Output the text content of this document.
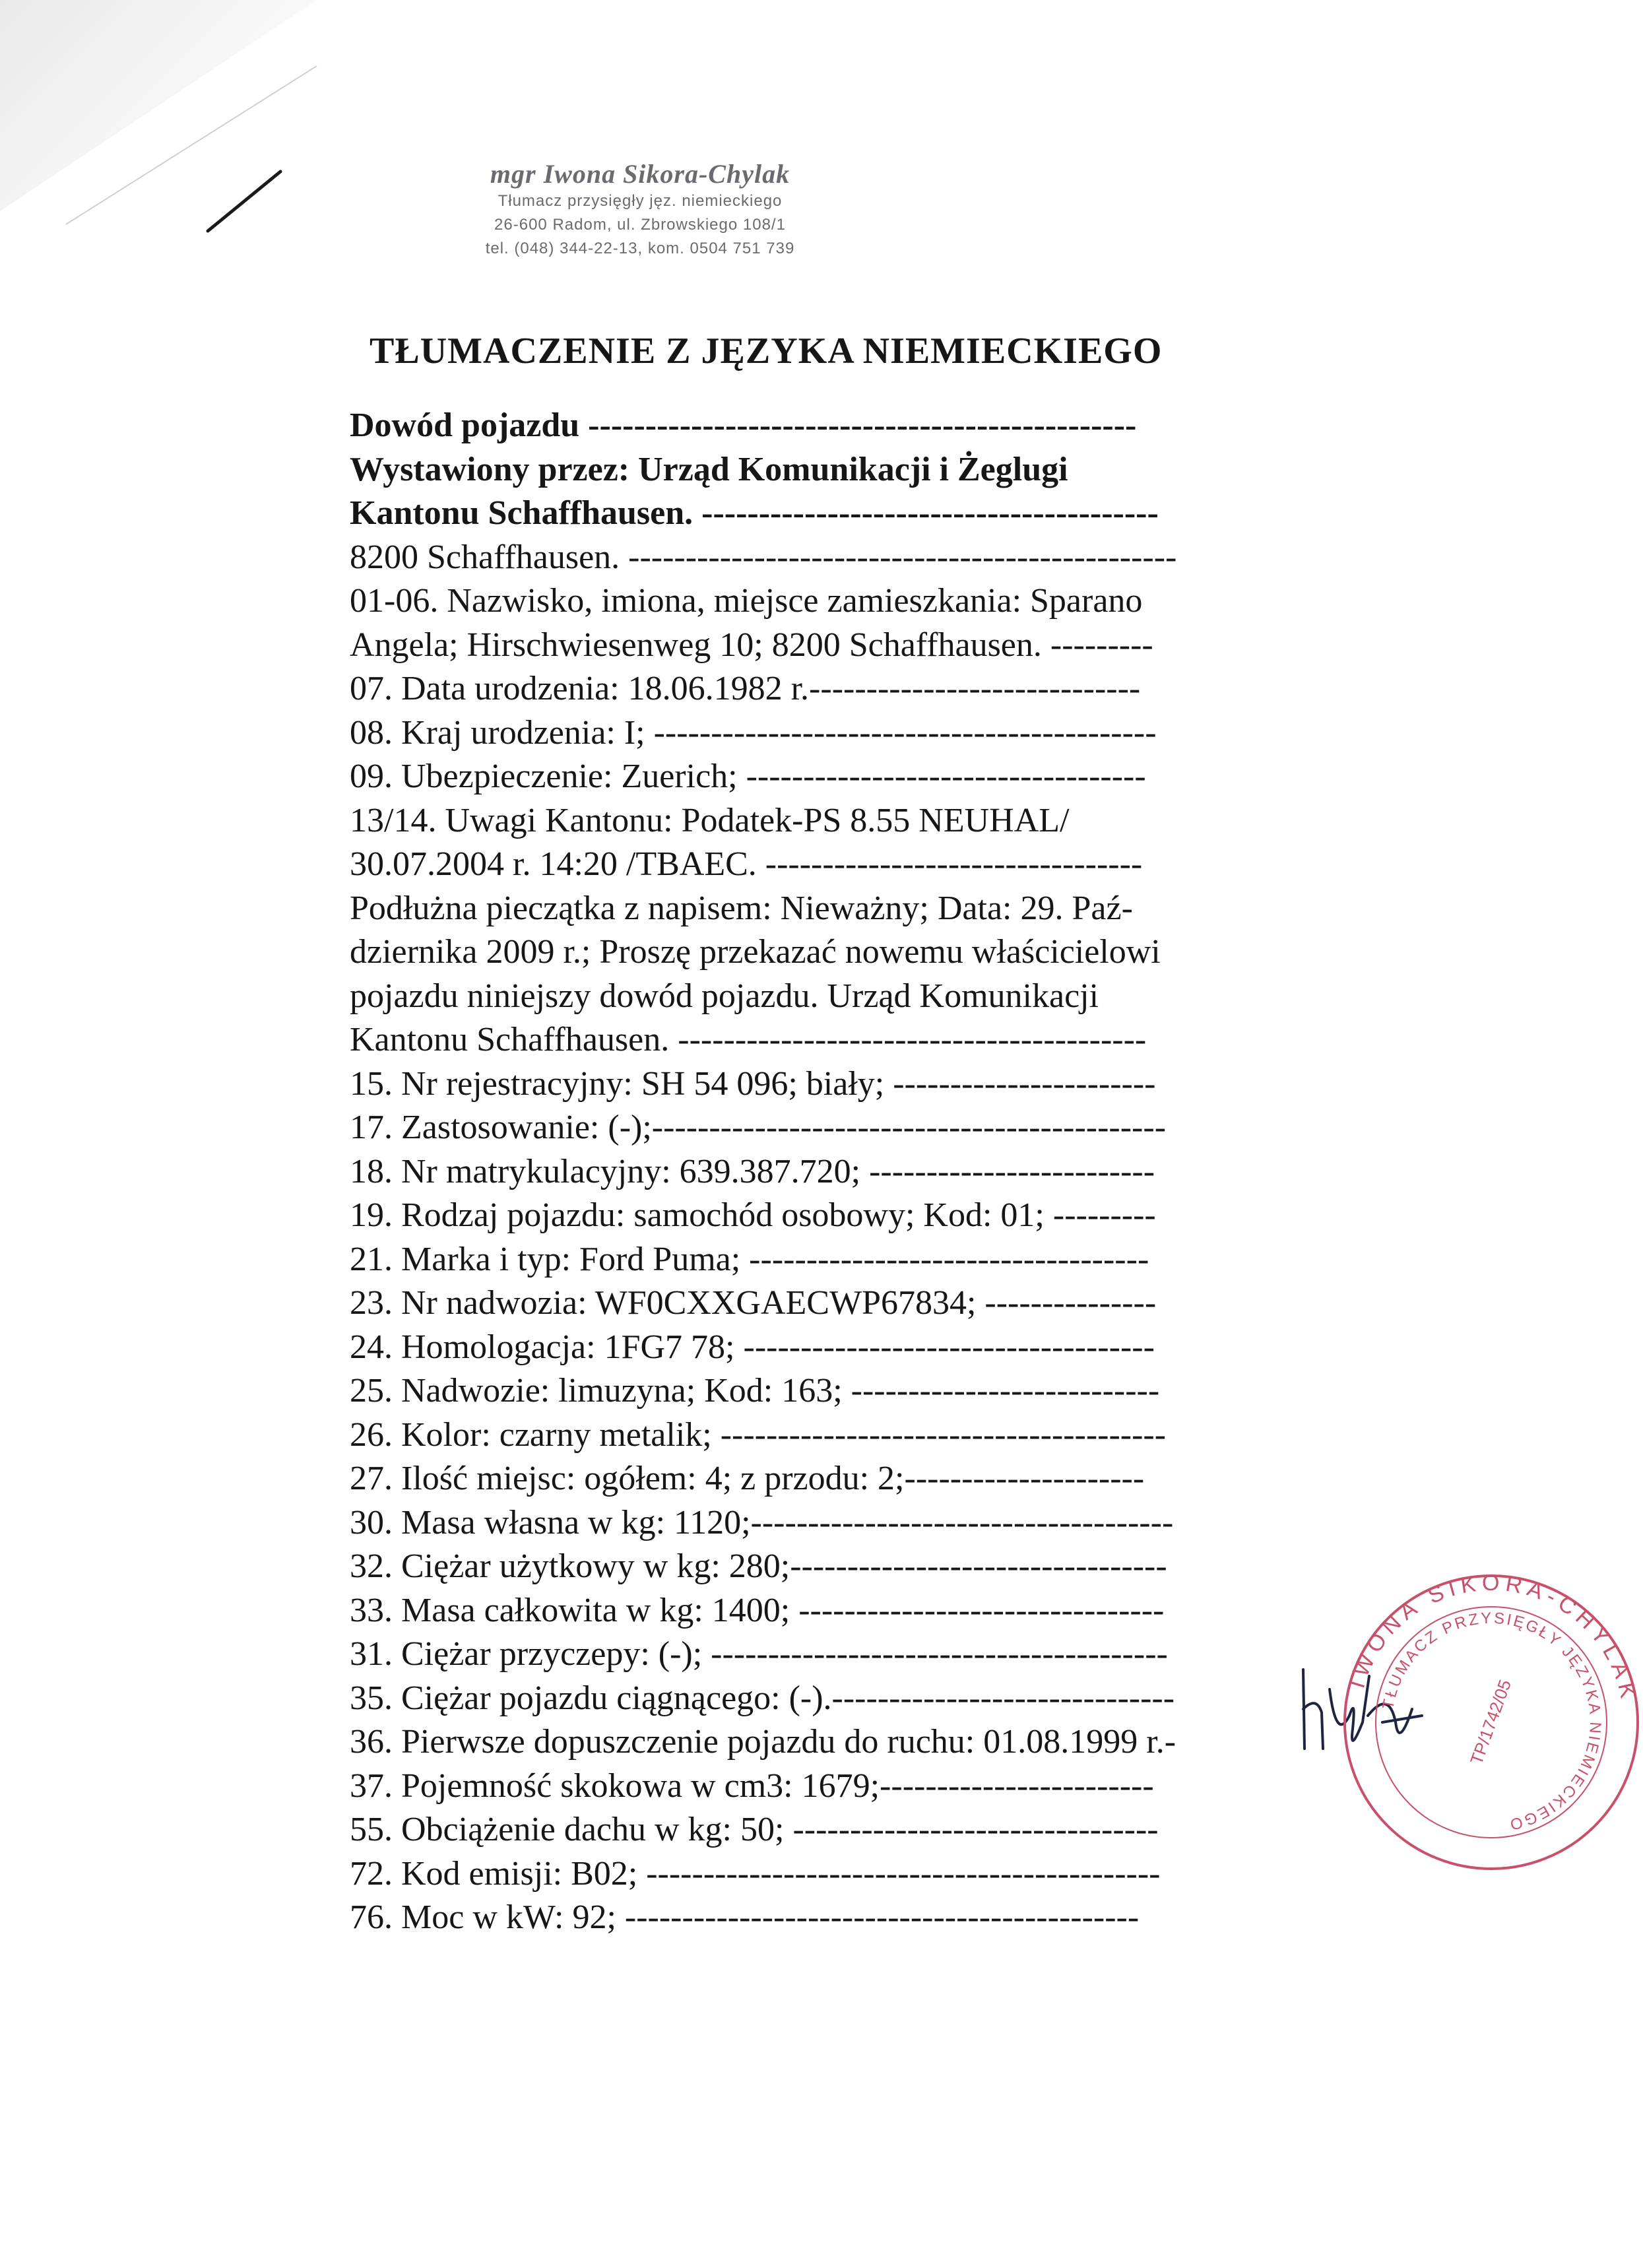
mgr Iwona Sikora-Chylak
Tłumacz przysięgły jęz. niemieckiego
26-600 Radom, ul. Zbrowskiego 108/1
tel. (048) 344-22-13, kom. 0504 751 739
TŁUMACZENIE Z JĘZYKA NIEMIECKIEGO
Dowód pojazdu ------------------------------------------------
Wystawiony przez: Urząd Komunikacji i Żeglugi
Kantonu Schaffhausen. ----------------------------------------
8200 Schaffhausen. ------------------------------------------------
01-06. Nazwisko, imiona, miejsce zamieszkania: Sparano
Angela; Hirschwiesenweg 10; 8200 Schaffhausen. ---------
07. Data urodzenia: 18.06.1982 r.-----------------------------
08. Kraj urodzenia: I; --------------------------------------------
09. Ubezpieczenie: Zuerich; -----------------------------------
13/14. Uwagi Kantonu: Podatek-PS 8.55 NEUHAL/
30.07.2004 r. 14:20 /TBAEC. ---------------------------------
Podłużna pieczątka z napisem: Nieważny; Data: 29. Paź-
dziernika 2009 r.; Proszę przekazać nowemu właścicielowi
pojazdu niniejszy dowód pojazdu. Urząd Komunikacji
Kantonu Schaffhausen. -----------------------------------------
15. Nr rejestracyjny: SH 54 096; biały; -----------------------
17. Zastosowanie: (-);---------------------------------------------
18. Nr matrykulacyjny: 639.387.720; -------------------------
19. Rodzaj pojazdu: samochód osobowy; Kod: 01; ---------
21. Marka i typ: Ford Puma; -----------------------------------
23. Nr nadwozia: WF0CXXGAECWP67834; ---------------
24. Homologacja: 1FG7 78; ------------------------------------
25. Nadwozie: limuzyna; Kod: 163; ---------------------------
26. Kolor: czarny metalik; ---------------------------------------
27. Ilość miejsc: ogółem: 4; z przodu: 2;---------------------
30. Masa własna w kg: 1120;-------------------------------------
32. Ciężar użytkowy w kg: 280;---------------------------------
33. Masa całkowita w kg: 1400; --------------------------------
31. Ciężar przyczepy: (-); ----------------------------------------
35. Ciężar pojazdu ciągnącego: (-).------------------------------
36. Pierwsze dopuszczenie pojazdu do ruchu: 01.08.1999 r.-
37. Pojemność skokowa w cm3: 1679;------------------------
55. Obciążenie dachu w kg: 50; --------------------------------
72. Kod emisji: B02; ---------------------------------------------
76. Moc w kW: 92; ---------------------------------------------
IWONA SIKORA-CHYLAK
TŁUMACZ PRZYSIĘGŁY JĘZYKA NIEMIECKIEGO
TP/1742/05
